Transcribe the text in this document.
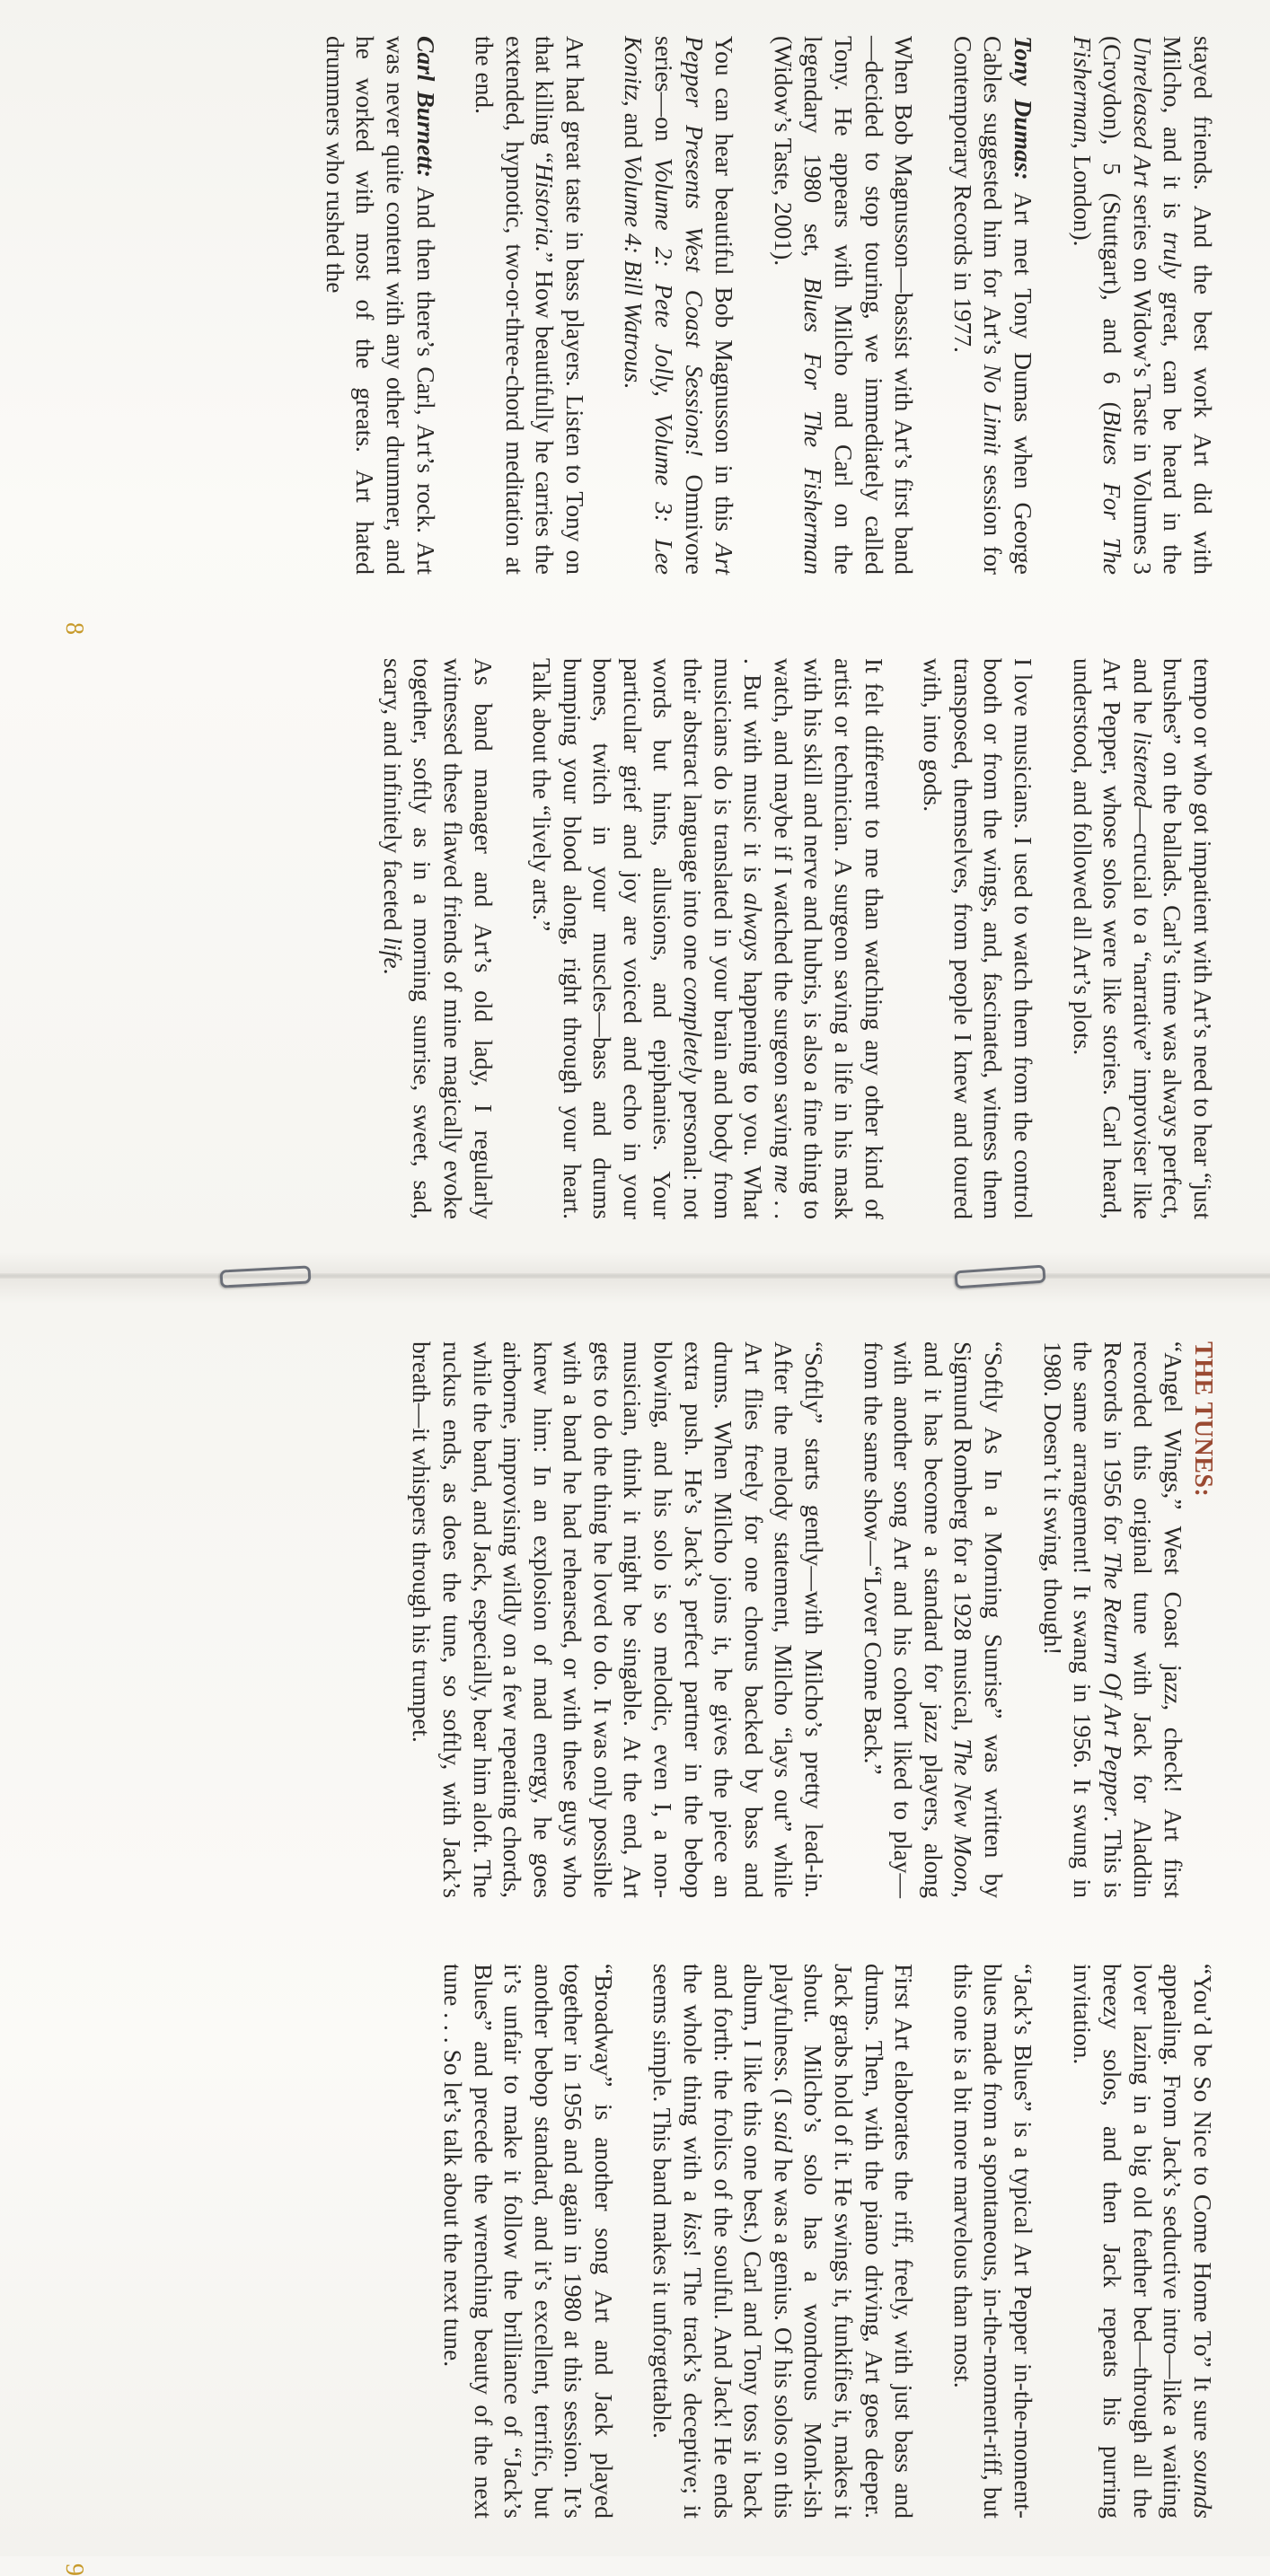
stayed friends. And the best work Art did with Milcho, and it is truly great, can be heard in the Unreleased Art series on Widow’s Taste in Volumes 3 (Croydon), 5 (Stuttgart), and 6 (Blues For The Fisherman, London).

Tony Dumas: Art met Tony Dumas when George Cables suggested him for Art’s No Limit session for Contemporary Records in 1977.

When Bob Magnusson—bassist with Art’s first band—decided to stop touring, we immediately called Tony. He appears with Milcho and Carl on the legendary 1980 set, Blues For The Fisherman (Widow’s Taste, 2001).

You can hear beautiful Bob Magnusson in this Art Pepper Presents West Coast Sessions! Omnivore series—on Volume 2: Pete Jolly, Volume 3: Lee Konitz, and Volume 4: Bill Watrous.

Art had great taste in bass players. Listen to Tony on that killing “Historia.” How beautifully he carries the extended, hypnotic, two-or-three-chord meditation at the end.

Carl Burnett: And then there’s Carl, Art’s rock. Art was never quite content with any other drummer, and he worked with most of the greats. Art hated drummers who rushed the

tempo or who got impatient with Art’s need to hear “just brushes” on the ballads. Carl’s time was always perfect, and he listened—crucial to a “narrative” improviser like Art Pepper, whose solos were like stories. Carl heard, understood, and followed all Art’s plots.

I love musicians. I used to watch them from the control booth or from the wings, and, fascinated, witness them transposed, themselves, from people I knew and toured with, into gods.

It felt different to me than watching any other kind of artist or technician. A surgeon saving a life in his mask with his skill and nerve and hubris, is also a fine thing to watch, and maybe if I watched the surgeon saving me . . . But with music it is always happening to you. What musicians do is translated in your brain and body from their abstract language into one completely personal: not words but hints, allusions, and epiphanies. Your particular grief and joy are voiced and echo in your bones, twitch in your muscles—bass and drums bumping your blood along, right through your heart. Talk about the “lively arts.”

As band manager and Art’s old lady, I regularly witnessed these flawed friends of mine magically evoke together, softly as in a morning sunrise, sweet, sad, scary, and infinitely faceted life.

8

THE TUNES:

“Angel Wings,” West Coast jazz, check! Art first recorded this original tune with Jack for Aladdin Records in 1956 for The Return Of Art Pepper. This is the same arrangement! It swang in 1956. It swung in 1980. Doesn’t it swing, though!

“Softly As In a Morning Sunrise” was written by Sigmund Romberg for a 1928 musical, The New Moon, and it has become a standard for jazz players, along with another song Art and his cohort liked to play—from the same show—“Lover Come Back.”

“Softly” starts gently—with Milcho’s pretty lead-in. After the melody statement, Milcho “lays out” while Art flies freely for one chorus backed by bass and drums. When Milcho joins it, he gives the piece an extra push. He’s Jack’s perfect partner in the bebop blowing, and his solo is so melodic, even I, a non-musician, think it might be singable. At the end, Art gets to do the thing he loved to do. It was only possible with a band he had rehearsed, or with these guys who knew him: In an explosion of mad energy, he goes airborne, improvising wildly on a few repeating chords, while the band, and Jack, especially, bear him aloft. The ruckus ends, as does the tune, so softly, with Jack’s breath—it whispers through his trumpet.

“You’d be So Nice to Come Home To” It sure sounds appealing. From Jack’s seductive intro—like a waiting lover lazing in a big old feather bed—through all the breezy solos, and then Jack repeats his purring invitation.

“Jack’s Blues” is a typical Art Pepper in-the-moment-blues made from a spontaneous, in-the-moment-riff, but this one is a bit more marvelous than most.

First Art elaborates the riff, freely, with just bass and drums. Then, with the piano driving, Art goes deeper. Jack grabs hold of it. He swings it, funkifies it, makes it shout. Milcho’s solo has a wondrous Monk-ish playfulness. (I said he was a genius. Of his solos on this album, I like this one best.) Carl and Tony toss it back and forth: the frolics of the soulful. And Jack! He ends the whole thing with a kiss! The track’s deceptive; it seems simple. This band makes it unforgettable.

“Broadway” is another song Art and Jack played together in 1956 and again in 1980 at this session. It’s another bebop standard, and it’s excellent, terrific, but it’s unfair to make it follow the brilliance of “Jack’s Blues” and precede the wrenching beauty of the next tune . . . So let’s talk about the next tune.

9
